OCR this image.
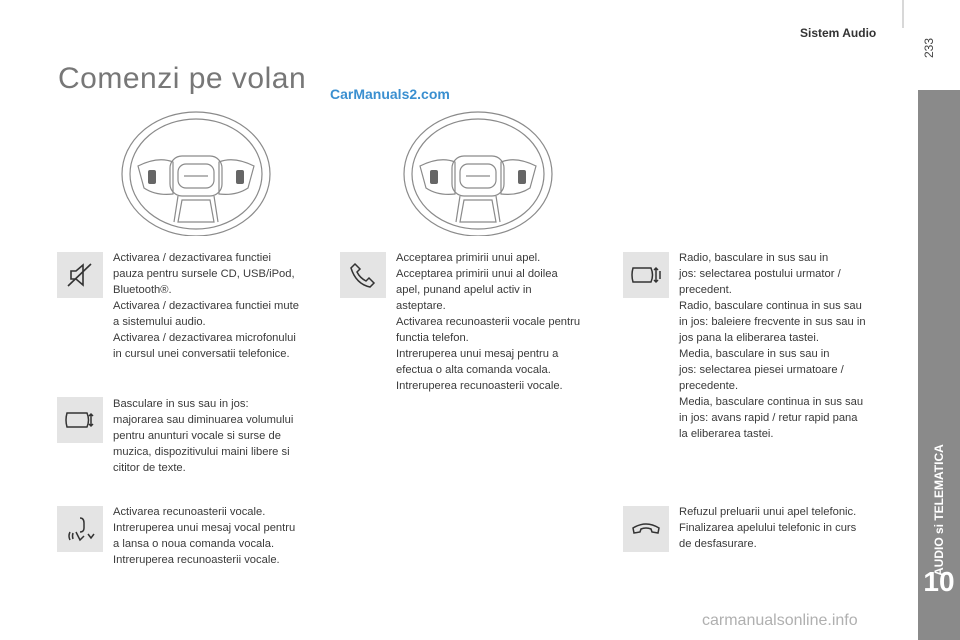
Sistem Audio
233
AUDIO si TELEMATICA
10
Comenzi pe volan CarManuals2.com
carmanualsonline.info

Activarea / dezactivarea functiei

pauza pentru sursele CD, USB/iPod,

Bluetooth®.

Activarea / dezactivarea functiei mute

a sistemului audio.

Activarea / dezactivarea microfonului

in cursul unei conversatii telefonice.

Basculare in sus sau in jos:

majorarea sau diminuarea volumului

pentru anunturi vocale si surse de

muzica, dispozitivului maini libere si

cititor de texte.

Activarea recunoasterii vocale.

Intreruperea unui mesaj vocal pentru

a lansa o noua comanda vocala.

Intreruperea recunoasterii vocale.

Acceptarea primirii unui apel.

Acceptarea primirii unui al doilea

apel, punand apelul activ in

asteptare.

Activarea recunoasterii vocale pentru

functia telefon.

Intreruperea unui mesaj pentru a

efectua o alta comanda vocala.

Intreruperea recunoasterii vocale.

Radio, basculare in sus sau in

jos: selectarea postului urmator /

precedent.

Radio, basculare continua in sus sau

in jos: baleiere frecvente in sus sau in

jos pana la eliberarea tastei.

Media, basculare in sus sau in

jos: selectarea piesei urmatoare /

precedente.

Media, basculare continua in sus sau

in jos: avans rapid / retur rapid pana

la eliberarea tastei.

Refuzul preluarii unui apel telefonic.

Finalizarea apelului telefonic in curs

de desfasurare.
